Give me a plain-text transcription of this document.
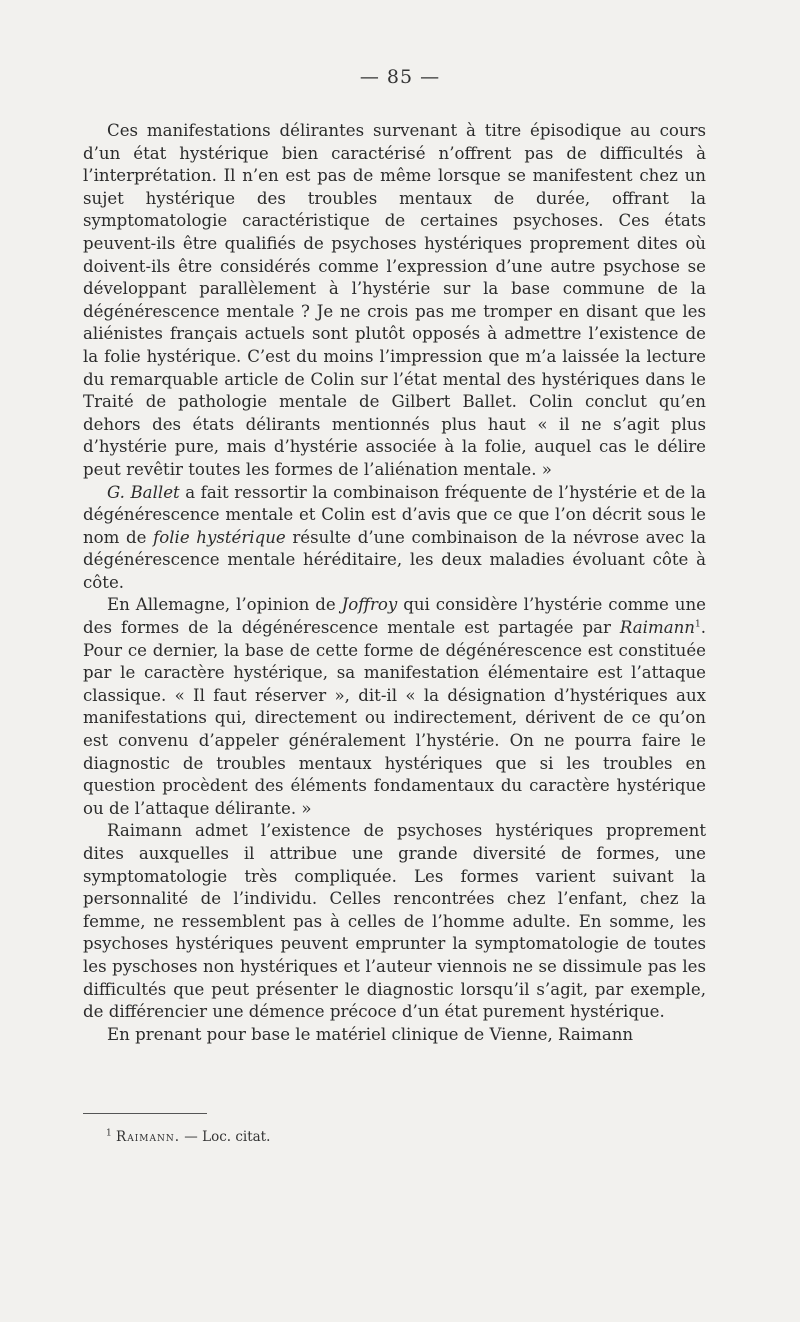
— 85 —

Ces manifestations délirantes survenant à titre épisodique au cours d’un état hystérique bien caractérisé n’offrent pas de difficultés à l’interprétation. Il n’en est pas de même lorsque se manifestent chez un sujet hystérique des troubles mentaux de durée, offrant la symptomatologie caractéristique de certaines psychoses. Ces états peuvent-ils être qualifiés de psychoses hystériques proprement dites où doivent-ils être considérés comme l’expression d’une autre psychose se développant parallèlement à l’hystérie sur la base commune de la dégénérescence mentale ? Je ne crois pas me tromper en disant que les aliénistes français actuels sont plutôt opposés à admettre l’existence de la folie hystérique. C’est du moins l’impression que m’a laissée la lecture du remarquable article de Colin sur l’état mental des hystériques dans le Traité de pathologie mentale de Gilbert Ballet. Colin conclut qu’en dehors des états délirants mentionnés plus haut « il ne s’agit plus d’hystérie pure, mais d’hystérie associée à la folie, auquel cas le délire peut revêtir toutes les formes de l’aliénation mentale. »

G. Ballet a fait ressortir la combinaison fréquente de l’hystérie et de la dégénérescence mentale et Colin est d’avis que ce que l’on décrit sous le nom de folie hystérique résulte d’une combinaison de la névrose avec la dégénérescence mentale héréditaire, les deux maladies évoluant côte à côte.

En Allemagne, l’opinion de Joffroy qui considère l’hystérie comme une des formes de la dégénérescence mentale est partagée par Raimann$^1$. Pour ce dernier, la base de cette forme de dégénérescence est constituée par le caractère hystérique, sa manifestation élémentaire est l’attaque classique. « Il faut réserver », dit-il « la désignation d’hystériques aux manifestations qui, directement ou indirectement, dérivent de ce qu’on est convenu d’appeler généralement l’hystérie. On ne pourra faire le diagnostic de troubles mentaux hystériques que si les troubles en question procèdent des éléments fondamentaux du caractère hystérique ou de l’attaque délirante. »

Raimann admet l’existence de psychoses hystériques proprement dites auxquelles il attribue une grande diversité de formes, une symptomatologie très compliquée. Les formes varient suivant la personnalité de l’individu. Celles rencontrées chez l’enfant, chez la femme, ne ressemblent pas à celles de l’homme adulte. En somme, les psychoses hystériques peuvent emprunter la symptomatologie de toutes les pyschoses non hystériques et l’auteur viennois ne se dissimule pas les difficultés que peut présenter le diagnostic lorsqu’il s’agit, par exemple, de différencier une démence précoce d’un état purement hystérique.

En prenant pour base le matériel clinique de Vienne, Raimann

$^1$ Raimann. — Loc. citat.
